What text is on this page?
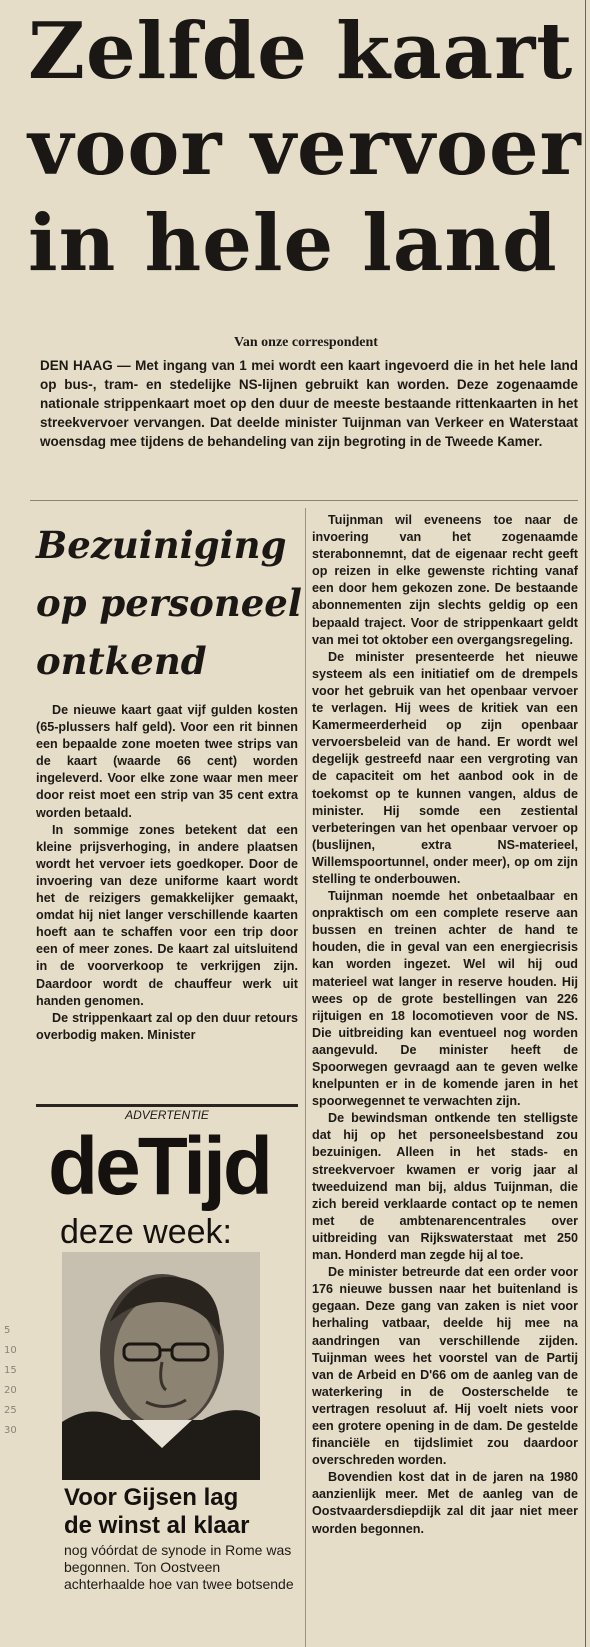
5
10
15
20
25
30
Zelfde kaart
voor vervoer
in hele land
Van onze correspondent

DEN HAAG — Met ingang van 1 mei wordt een kaart ingevoerd die in het hele land op bus-, tram- en stedelijke NS-lijnen gebruikt kan worden. Deze zogenaamde nationale strippenkaart moet op den duur de meeste bestaande rittenkaarten in het streekvervoer vervangen. Dat deelde minister Tuijnman van Verkeer en Waterstaat woensdag mee tijdens de behandeling van zijn begroting in de Tweede Kamer.

Bezuiniging
op personeel
ontkend

De nieuwe kaart gaat vijf gulden kosten (65-plussers half geld). Voor een rit binnen een bepaalde zone moeten twee strips van de kaart (waarde 66 cent) worden ingeleverd. Voor elke zone waar men meer door reist moet een strip van 35 cent extra worden betaald.

In sommige zones betekent dat een kleine prijsverhoging, in andere plaatsen wordt het vervoer iets goedkoper. Door de invoering van deze uniforme kaart wordt het de reizigers gemakkelijker gemaakt, omdat hij niet langer verschillende kaarten hoeft aan te schaffen voor een trip door een of meer zones. De kaart zal uitsluitend in de voorverkoop te verkrijgen zijn. Daardoor wordt de chauffeur werk uit handen genomen.

De strippenkaart zal op den duur retours overbodig maken. Minister

Tuijnman wil eveneens toe naar de invoering van het zogenaamde sterabonnemnt, dat de eigenaar recht geeft op reizen in elke gewenste richting vanaf een door hem gekozen zone. De bestaande abonnementen zijn slechts geldig op een bepaald traject. Voor de strippenkaart geldt van mei tot oktober een overgangsregeling.

De minister presenteerde het nieuwe systeem als een initiatief om de drempels voor het gebruik van het openbaar vervoer te verlagen. Hij wees de kritiek van een Kamermeerderheid op zijn openbaar vervoersbeleid van de hand. Er wordt wel degelijk gestreefd naar een vergroting van de capaciteit om het aanbod ook in de toekomst op te kunnen vangen, aldus de minister. Hij somde een zestiental verbeteringen van het openbaar vervoer op (buslijnen, extra NS-materieel, Willemspoortunnel, onder meer), op om zijn stelling te onderbouwen.

Tuijnman noemde het onbetaalbaar en onpraktisch om een complete reserve aan bussen en treinen achter de hand te houden, die in geval van een energiecrisis kan worden ingezet. Wel wil hij oud materieel wat langer in reserve houden. Hij wees op de grote bestellingen van 226 rijtuigen en 18 locomotieven voor de NS. Die uitbreiding kan eventueel nog worden aangevuld. De minister heeft de Spoorwegen gevraagd aan te geven welke knelpunten er in de komende jaren in het spoorwegennet te verwachten zijn.

De bewindsman ontkende ten stelligste dat hij op het personeelsbestand zou bezuinigen. Alleen in het stads- en streekvervoer kwamen er vorig jaar al tweeduizend man bij, aldus Tuijnman, die zich bereid verklaarde contact op te nemen met de ambtenarencentrales over uitbreiding van Rijkswaterstaat met 250 man. Honderd man zegde hij al toe.

De minister betreurde dat een order voor 176 nieuwe bussen naar het buitenland is gegaan. Deze gang van zaken is niet voor herhaling vatbaar, deelde hij mee na aandringen van verschillende zijden. Tuijnman wees het voorstel van de Partij van de Arbeid en D'66 om de aanleg van de waterkering in de Oosterschelde te vertragen resoluut af. Hij voelt niets voor een grotere opening in de dam. De gestelde financiële en tijdslimiet zou daardoor overschreden worden.

Bovendien kost dat in de jaren na 1980 aanzienlijk meer. Met de aanleg van de Oostvaardersdiepdijk zal dit jaar niet meer worden begonnen.

ADVERTENTIE
deTijd
deze week:
Voor Gijsen lag
de winst al klaar
nog vóórdat de synode in Rome was begonnen. Ton Oostveen achterhaalde hoe van twee botsende
